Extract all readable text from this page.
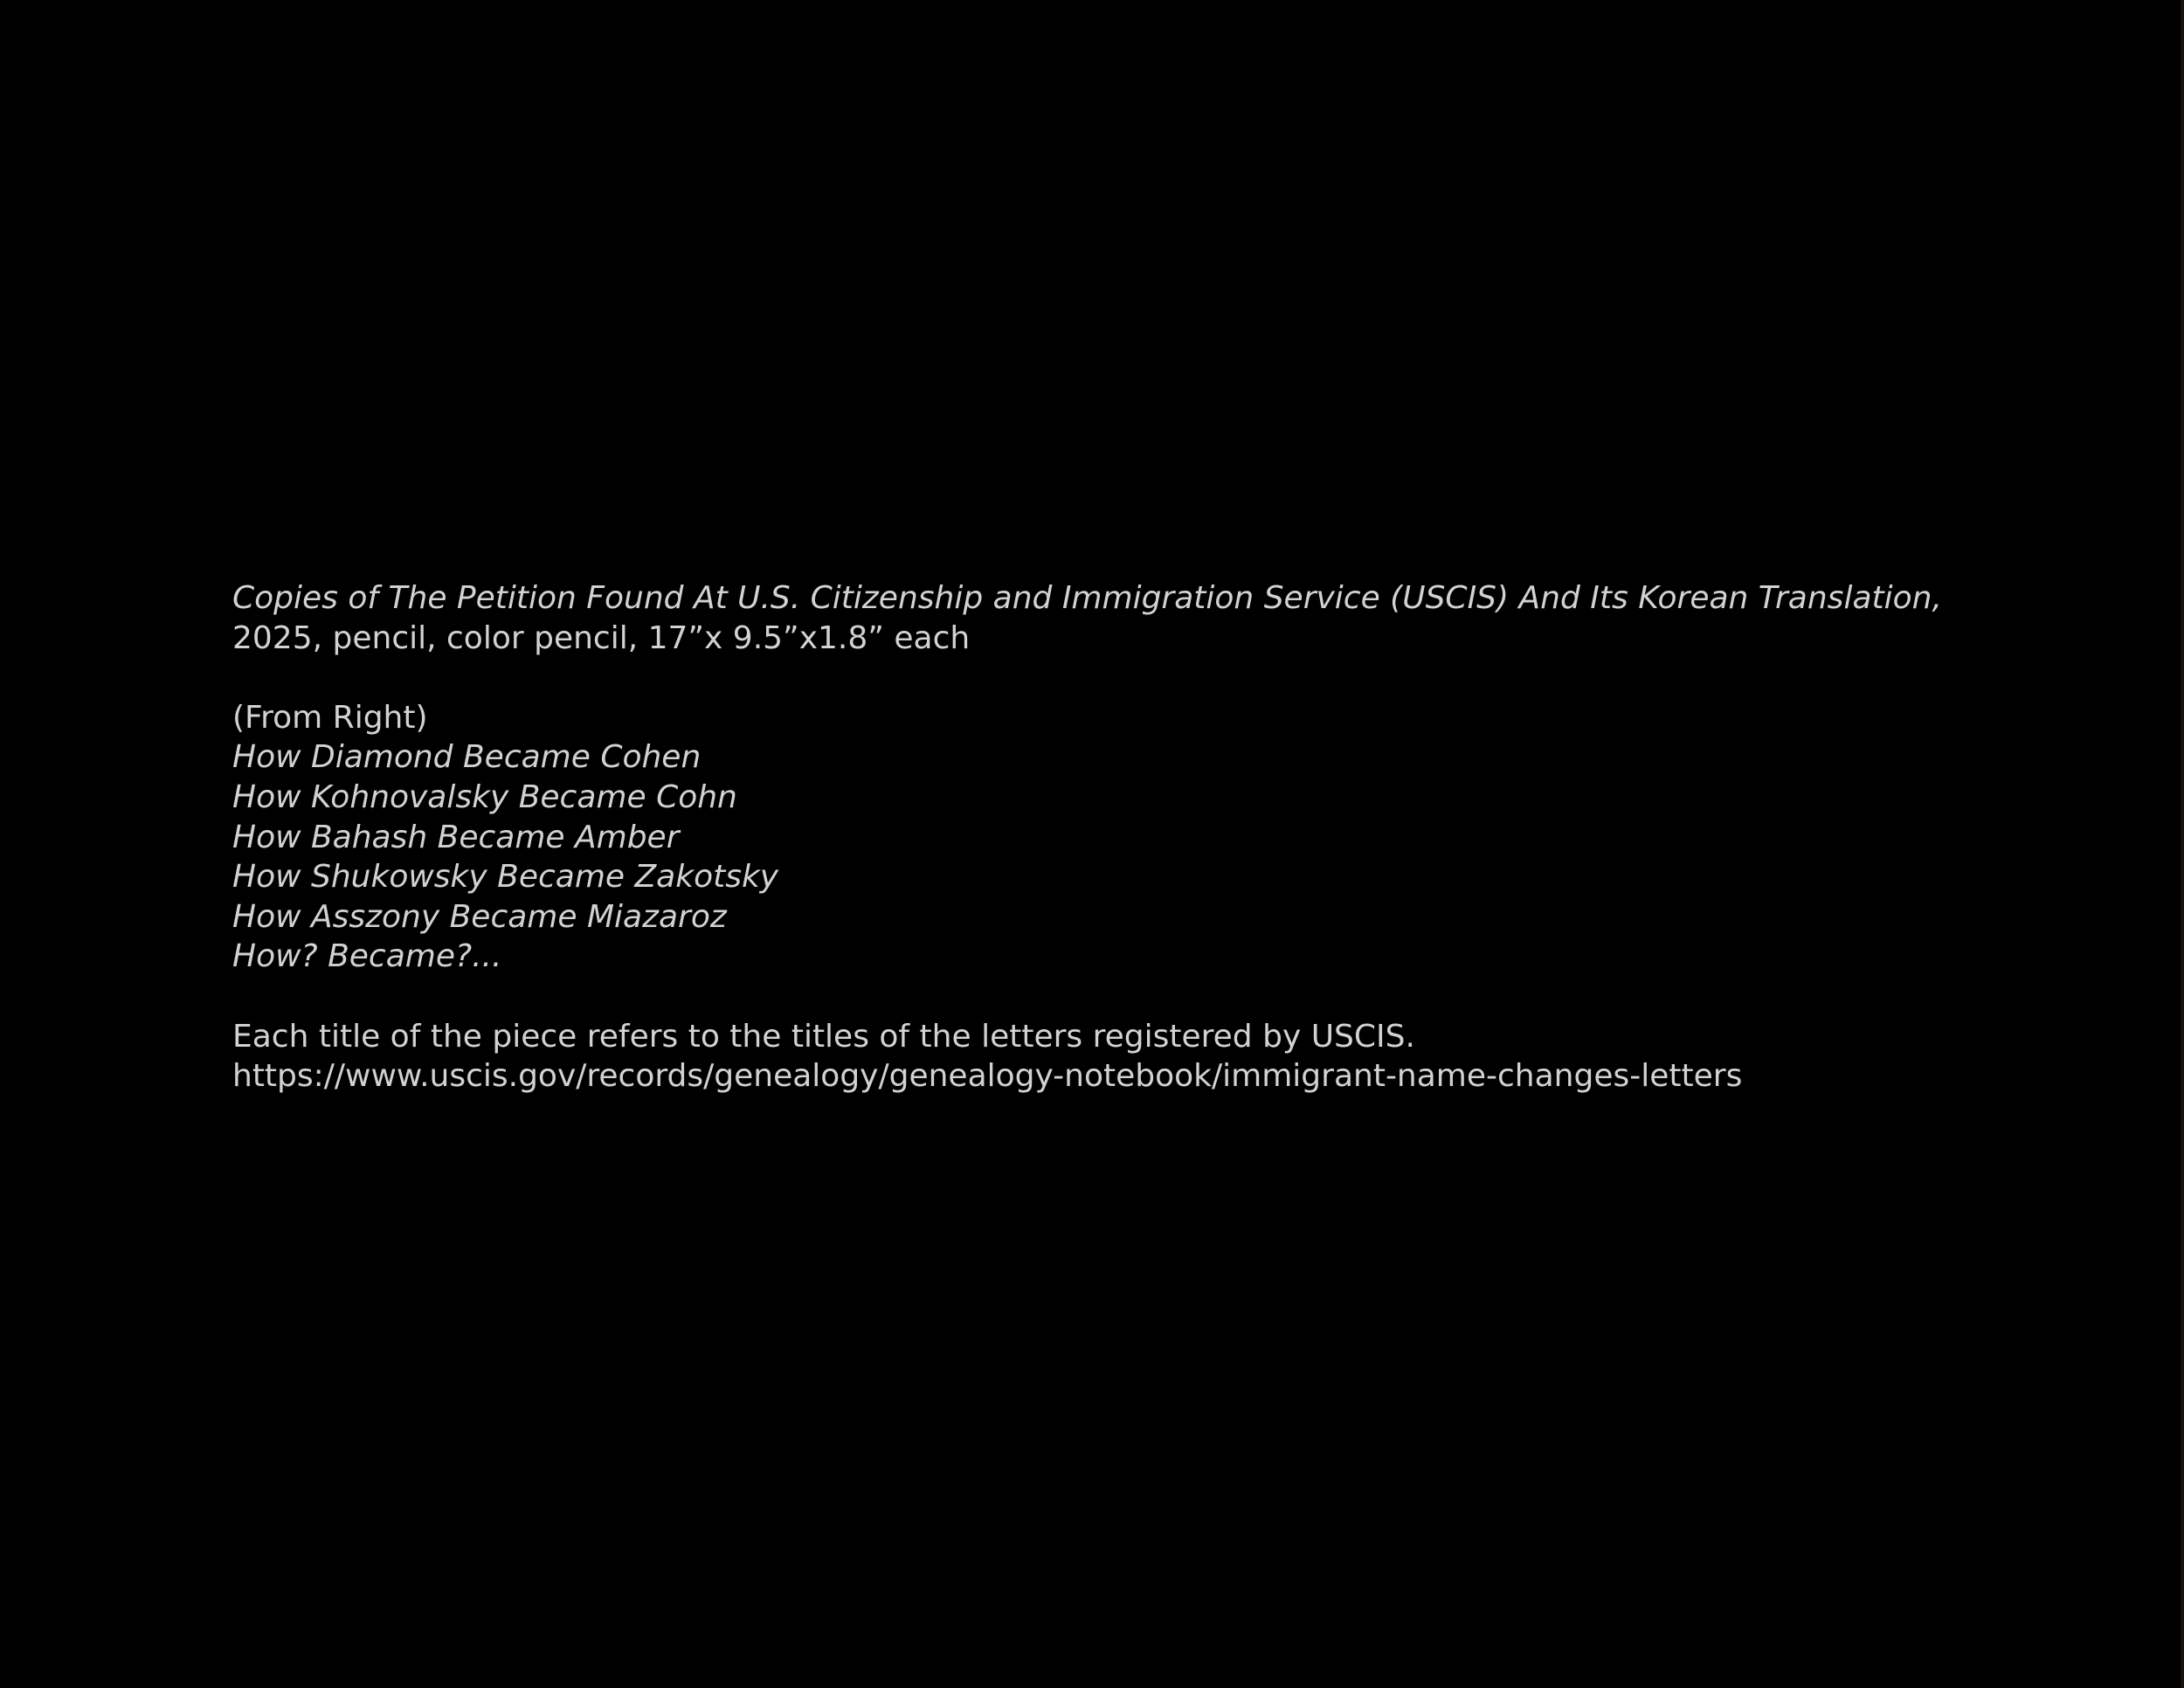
Copies of The Petition Found At U.S. Citizenship and Immigration Service (USCIS) And Its Korean Translation,
2025, pencil, color pencil, 17”x 9.5”x1.8” each
(From Right)
How Diamond Became Cohen
How Kohnovalsky Became Cohn
How Bahash Became Amber
How Shukowsky Became Zakotsky
How Asszony Became Miazaroz
How? Became?...
Each title of the piece refers to the titles of the letters registered by USCIS.
https://www.uscis.gov/records/genealogy/genealogy-notebook/immigrant-name-changes-letters
